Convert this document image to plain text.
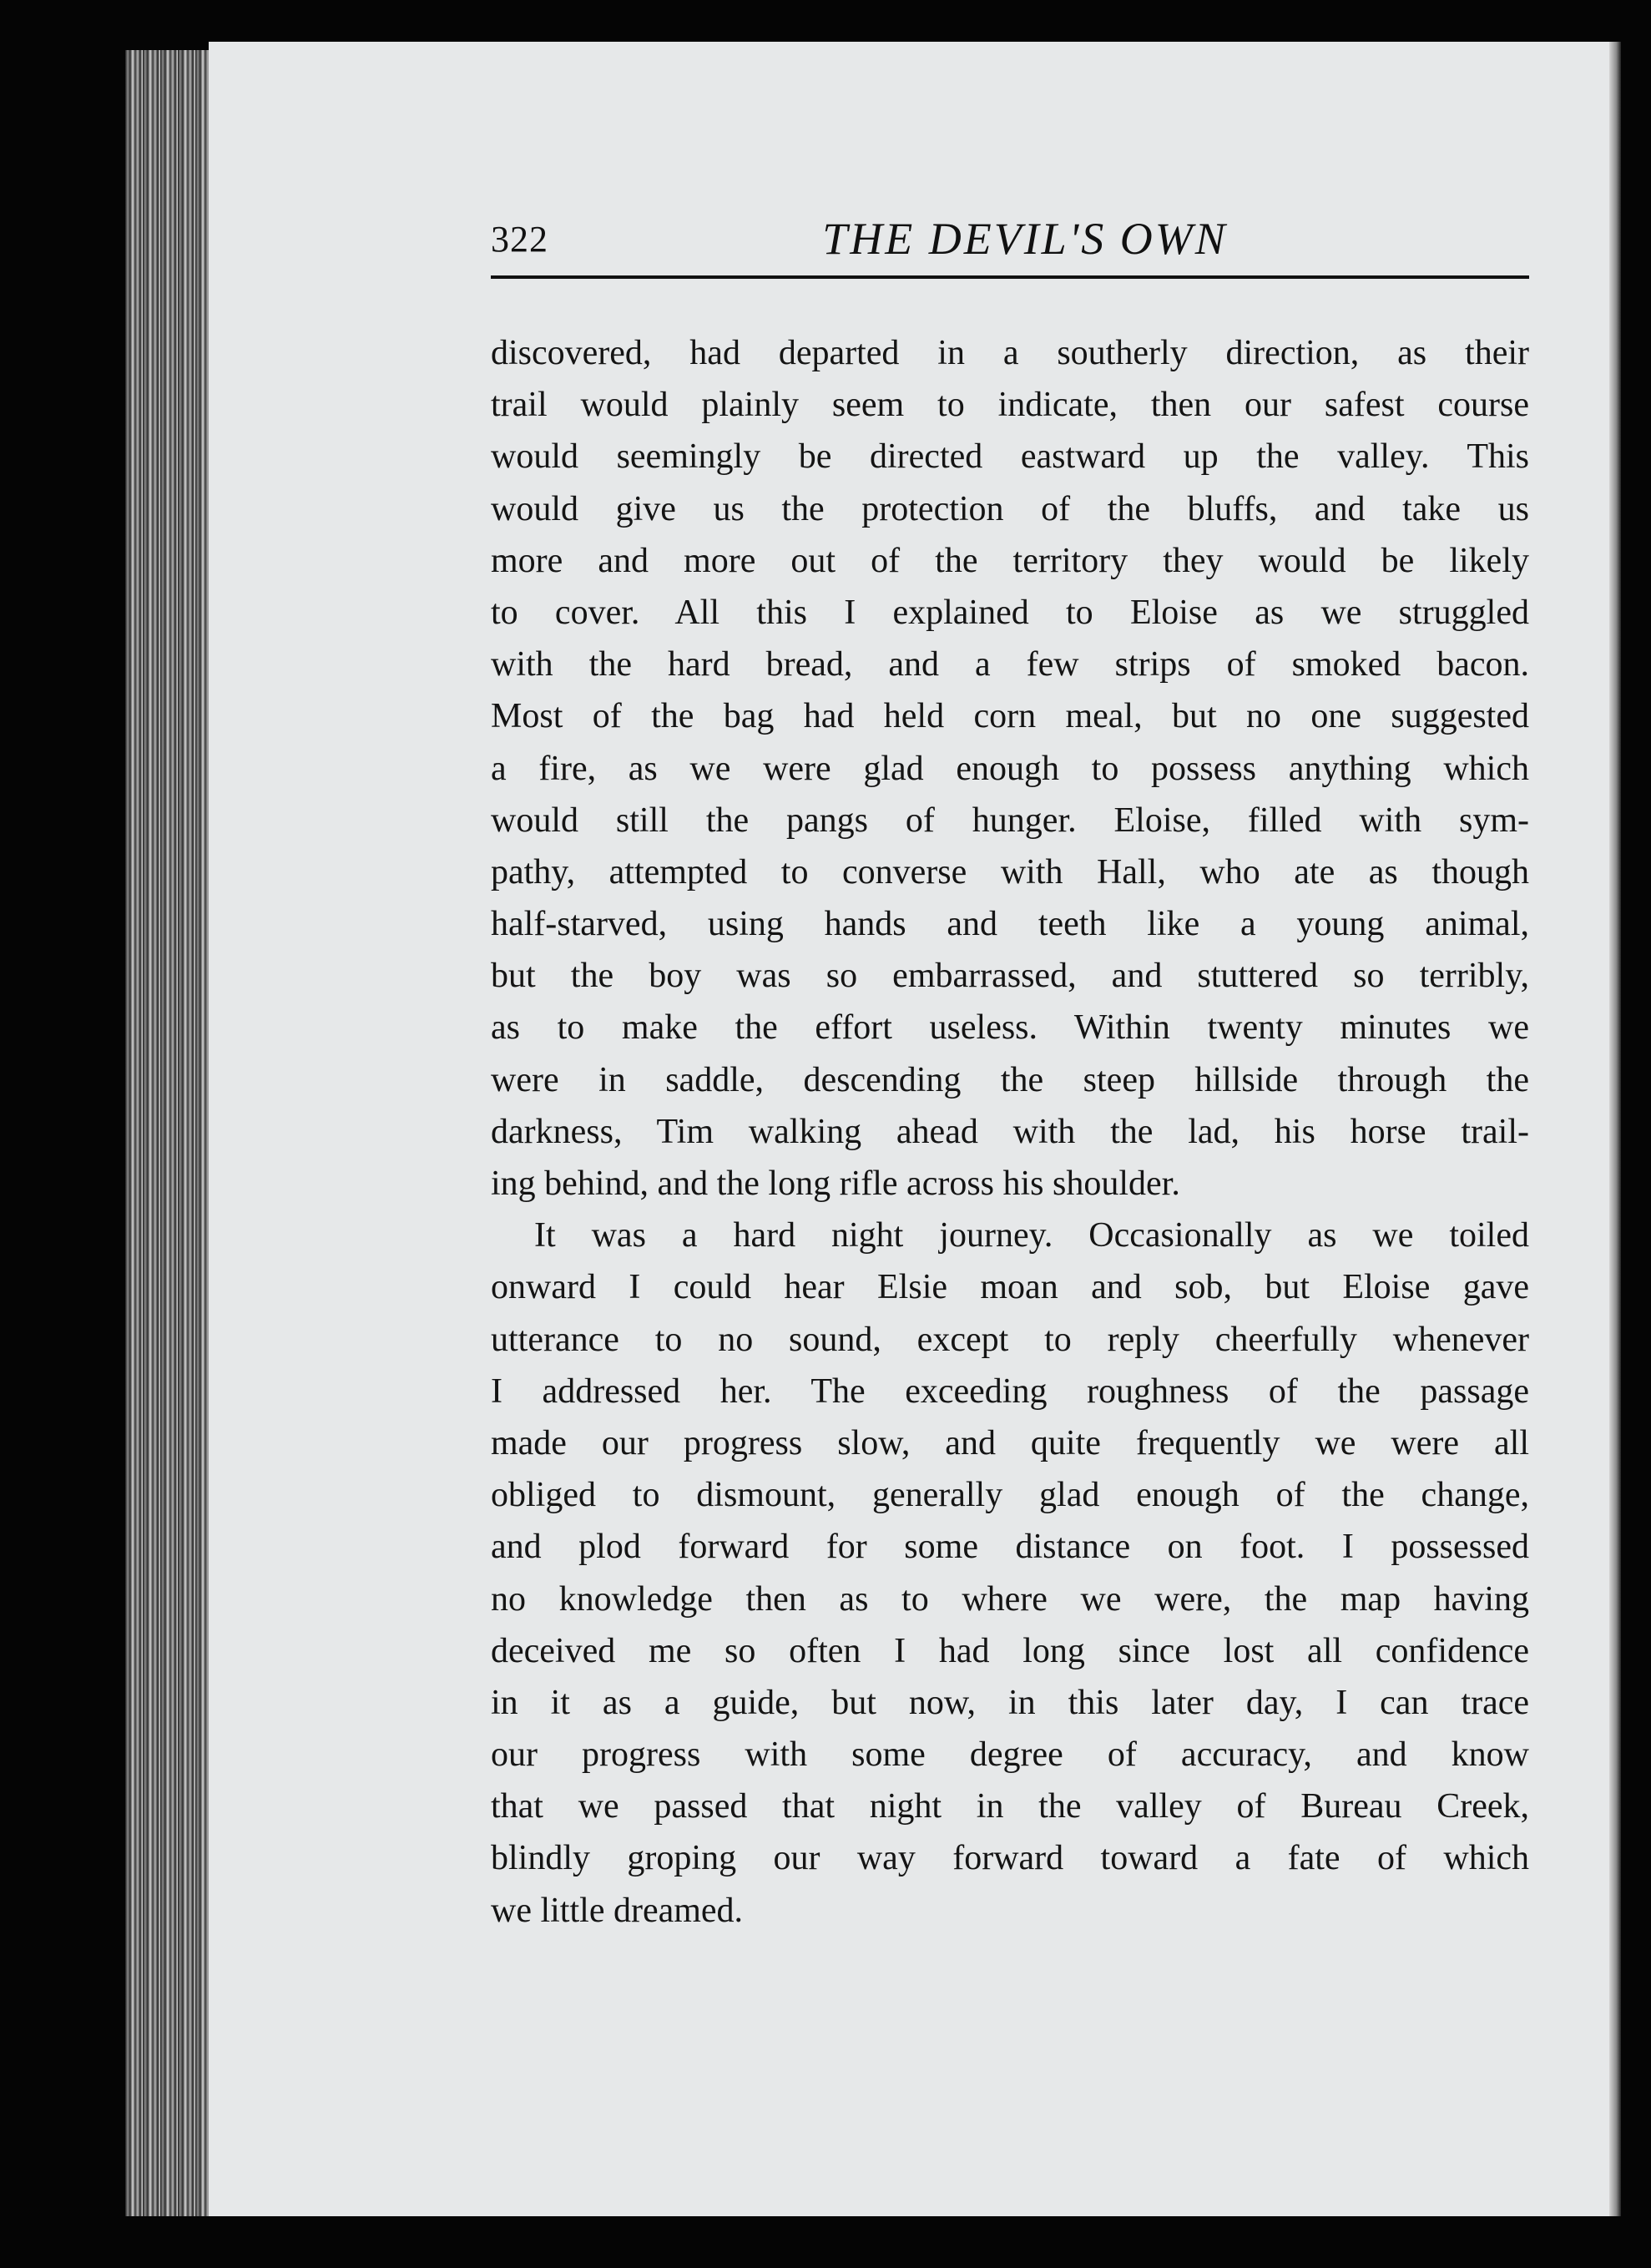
322	THE DEVIL'S OWN
discovered, had departed in a southerly direction, as their
trail would plainly seem to indicate, then our safest course
would seemingly be directed eastward up the valley. This
would give us the protection of the bluffs, and take us
more and more out of the territory they would be likely
to cover. All this I explained to Eloise as we struggled
with the hard bread, and a few strips of smoked bacon.
Most of the bag had held corn meal, but no one suggested
a fire, as we were glad enough to possess anything which
would still the pangs of hunger. Eloise, filled with sym-
pathy, attempted to converse with Hall, who ate as though
half-starved, using hands and teeth like a young animal,
but the boy was so embarrassed, and stuttered so terribly,
as to make the effort useless. Within twenty minutes we
were in saddle, descending the steep hillside through the
darkness, Tim walking ahead with the lad, his horse trail-
ing behind, and the long rifle across his shoulder.
It was a hard night journey. Occasionally as we toiled
onward I could hear Elsie moan and sob, but Eloise gave
utterance to no sound, except to reply cheerfully whenever
I addressed her. The exceeding roughness of the passage
made our progress slow, and quite frequently we were all
obliged to dismount, generally glad enough of the change,
and plod forward for some distance on foot. I possessed
no knowledge then as to where we were, the map having
deceived me so often I had long since lost all confidence
in it as a guide, but now, in this later day, I can trace
our progress with some degree of accuracy, and know
that we passed that night in the valley of Bureau Creek,
blindly groping our way forward toward a fate of which
we little dreamed.
